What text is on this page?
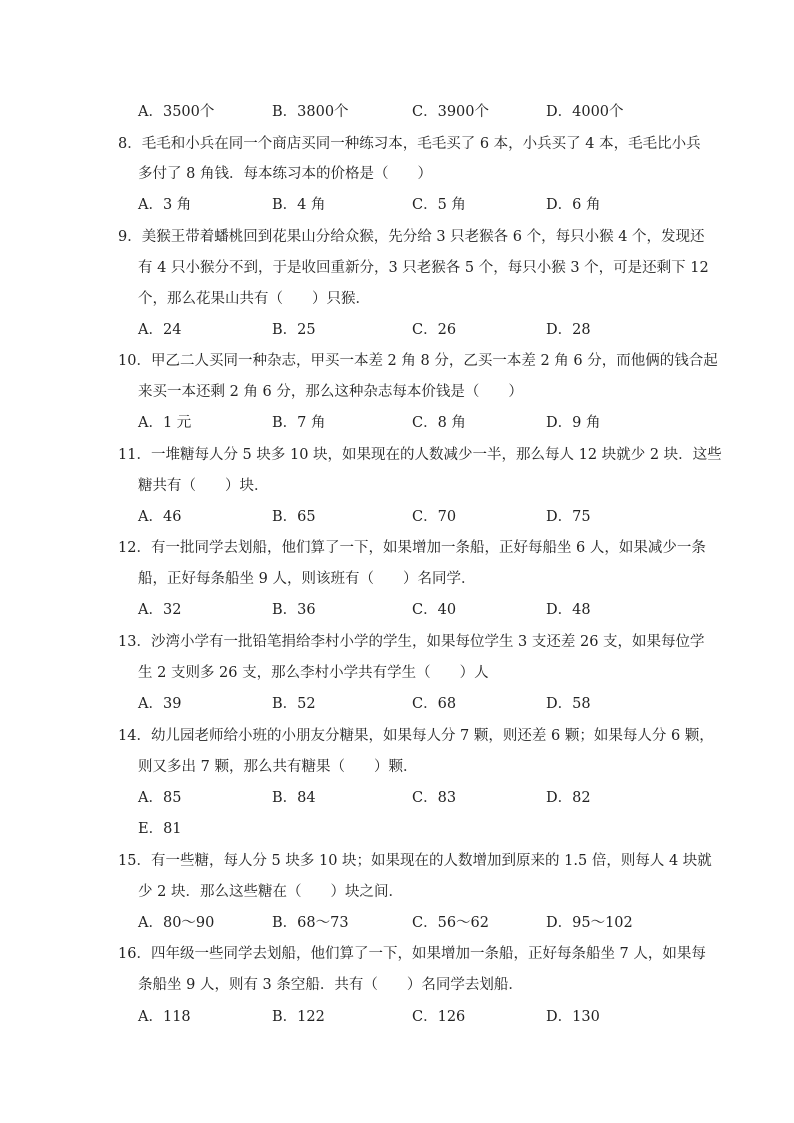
A．3500个	B．3800个	C．3900个	D．4000个
8．毛毛和小兵在同一个商店买同一种练习本，毛毛买了 6 本，小兵买了 4 本，毛毛比小兵
多付了 8 角钱．每本练习本的价格是（　　）
A．3 角	B．4 角	C．5 角	D．6 角
9．美猴王带着蟠桃回到花果山分给众猴，先分给 3 只老猴各 6 个，每只小猴 4 个，发现还
有 4 只小猴分不到，于是收回重新分，3 只老猴各 5 个，每只小猴 3 个，可是还剩下 12
个，那么花果山共有（　　）只猴．
A．24	B．25	C．26	D．28
10．甲乙二人买同一种杂志，甲买一本差 2 角 8 分，乙买一本差 2 角 6 分，而他俩的钱合起
来买一本还剩 2 角 6 分，那么这种杂志每本价钱是（　　）
A．1 元	B．7 角	C．8 角	D．9 角
11．一堆糖每人分 5 块多 10 块，如果现在的人数减少一半，那么每人 12 块就少 2 块．这些
糖共有（　　）块．
A．46	B．65	C．70	D．75
12．有一批同学去划船，他们算了一下，如果增加一条船，正好每船坐 6 人，如果减少一条
船，正好每条船坐 9 人，则该班有（　　）名同学．
A．32	B．36	C．40	D．48
13．沙湾小学有一批铅笔捐给李村小学的学生，如果每位学生 3 支还差 26 支，如果每位学
生 2 支则多 26 支，那么李村小学共有学生（　　）人
A．39	B．52	C．68	D．58
14．幼儿园老师给小班的小朋友分糖果，如果每人分 7 颗，则还差 6 颗；如果每人分 6 颗，
则又多出 7 颗，那么共有糖果（　　）颗．
A．85	B．84	C．83	D．82
E．81
15．有一些糖，每人分 5 块多 10 块；如果现在的人数增加到原来的 1.5 倍，则每人 4 块就
少 2 块．那么这些糖在（　　）块之间．
A．80～90	B．68～73	C．56～62	D．95～102
16．四年级一些同学去划船，他们算了一下，如果增加一条船，正好每条船坐 7 人，如果每
条船坐 9 人，则有 3 条空船．共有（　　）名同学去划船．
A．118	B．122	C．126	D．130
